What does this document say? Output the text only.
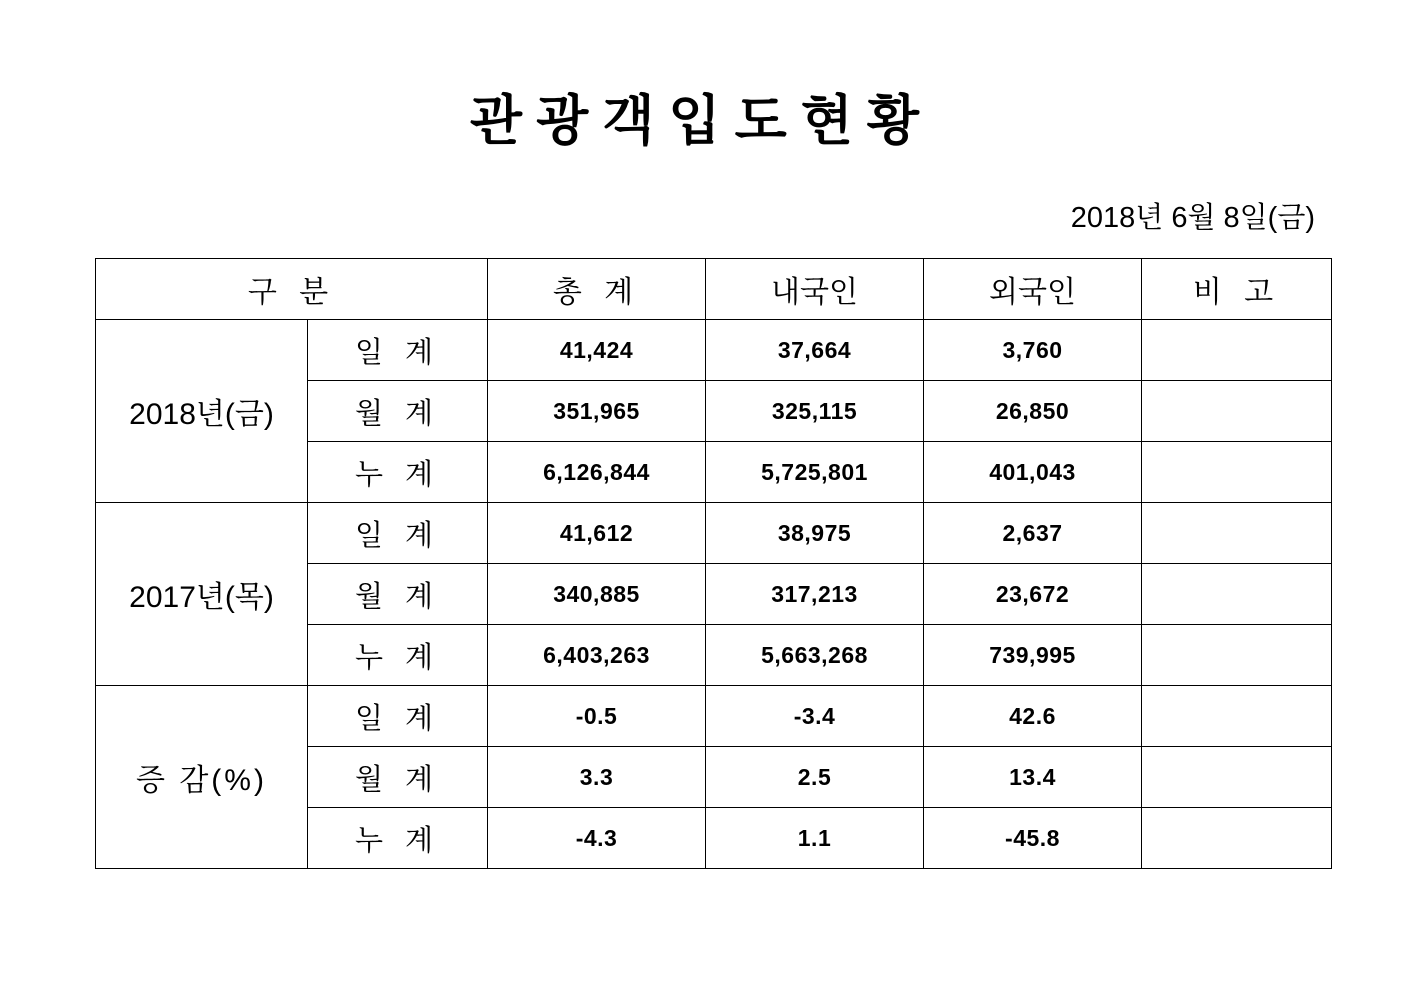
관광객입도현황
2018년 6월 8일(금)
구 분		총 계	내국인	외국인	비 고
2018년(금)	일 계	41,424	37,664	3,760	
	월 계	351,965	325,115	26,850	
	누 계	6,126,844	5,725,801	401,043	
2017년(목)	일 계	41,612	38,975	2,637	
	월 계	340,885	317,213	23,672	
	누 계	6,403,263	5,663,268	739,995	
증 감(%)	일 계	-0.5	-3.4	42.6	
	월 계	3.3	2.5	13.4	
	누 계	-4.3	1.1	-45.8	
